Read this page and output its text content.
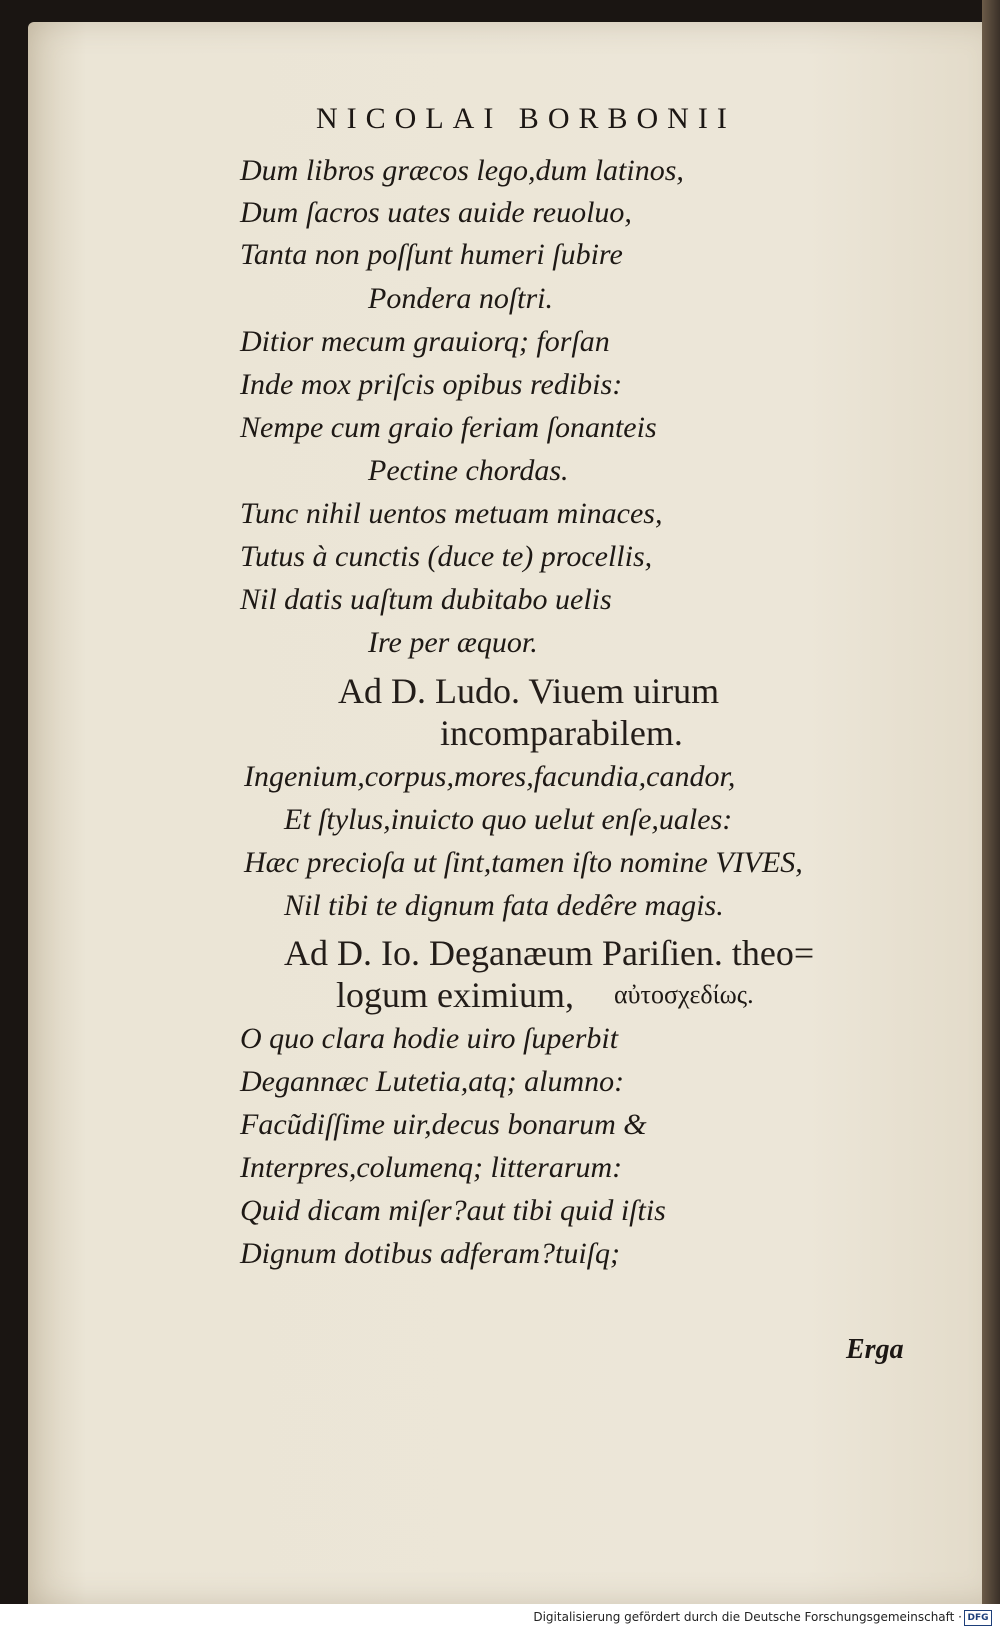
NICOLAI BORBONII
Dum libros græcos lego,dum latinos,
Dum ſacros uates auide reuoluo,
Tanta non poſſunt humeri ſubire
Pondera noſtri.
Ditior mecum grauiorq; forſan
Inde mox priſcis opibus redibis:
Nempe cum graio feriam ſonanteis
Pectine chordas.
Tunc nihil uentos metuam minaces,
Tutus à cunctis (duce te) procellis,
Nil datis uaſtum dubitabo uelis
Ire per æquor.
Ad D. Ludo. Viuem uirum
incomparabilem.
Ingenium,corpus,mores,facundia,candor,
Et ſtylus,inuicto quo uelut enſe,uales:
Hæc precioſa ut ſint,tamen iſto nomine VIVES,
Nil tibi te dignum fata dedêre magis.
Ad D. Io. Deganæum Pariſien. theo=
logum eximium, αὐτοσχεδίως.
O quo clara hodie uiro ſuperbit
Degannæc Lutetia,atq; alumno:
Facũdiſſime uir,decus bonarum &
Interpres,columenq; litterarum:
Quid dicam miſer?aut tibi quid iſtis
Dignum dotibus adferam?tuiſq;
Erga
Digitalisierung gefördert durch die Deutsche Forschungsgemeinschaft · DFG
